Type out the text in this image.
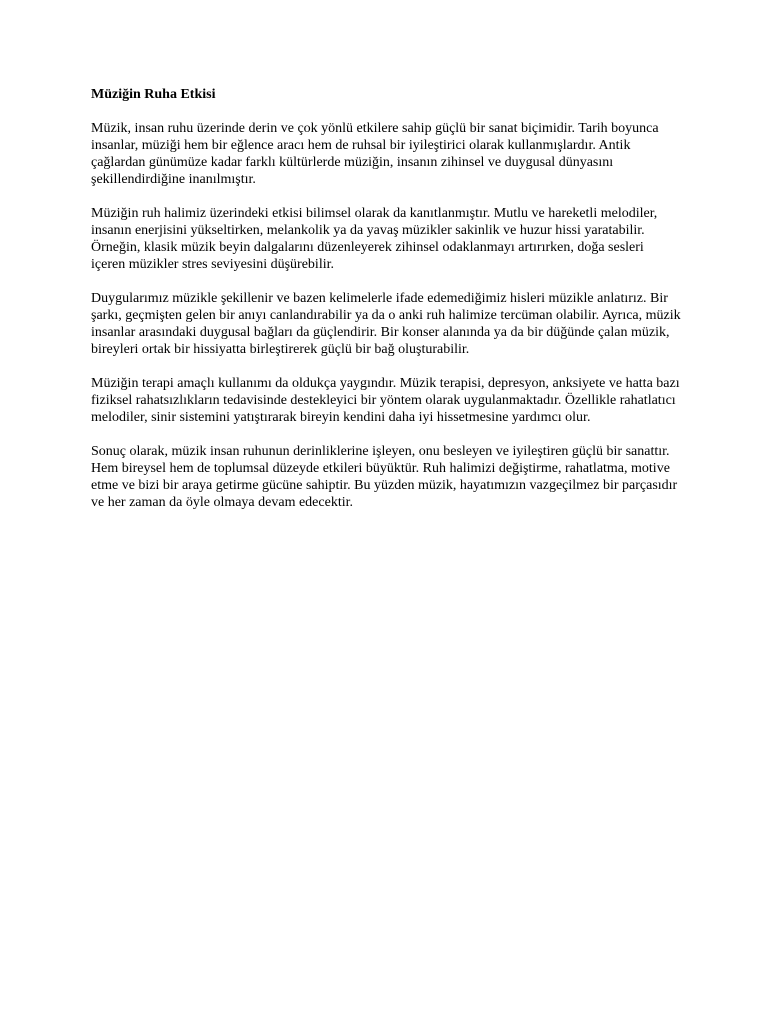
Müziğin Ruha Etkisi

Müzik, insan ruhu üzerinde derin ve çok yönlü etkilere sahip güçlü bir sanat biçimidir. Tarih boyunca insanlar, müziği hem bir eğlence aracı hem de ruhsal bir iyileştirici olarak kullanmışlardır. Antik çağlardan günümüze kadar farklı kültürlerde müziğin, insanın zihinsel ve duygusal dünyasını şekillendirdiğine inanılmıştır.

Müziğin ruh halimiz üzerindeki etkisi bilimsel olarak da kanıtlanmıştır. Mutlu ve hareketli melodiler, insanın enerjisini yükseltirken, melankolik ya da yavaş müzikler sakinlik ve huzur hissi yaratabilir. Örneğin, klasik müzik beyin dalgalarını düzenleyerek zihinsel odaklanmayı artırırken, doğa sesleri içeren müzikler stres seviyesini düşürebilir.

Duygularımız müzikle şekillenir ve bazen kelimelerle ifade edemediğimiz hisleri müzikle anlatırız. Bir şarkı, geçmişten gelen bir anıyı canlandırabilir ya da o anki ruh halimize tercüman olabilir. Ayrıca, müzik insanlar arasındaki duygusal bağları da güçlendirir. Bir konser alanında ya da bir düğünde çalan müzik, bireyleri ortak bir hissiyatta birleştirerek güçlü bir bağ oluşturabilir.

Müziğin terapi amaçlı kullanımı da oldukça yaygındır. Müzik terapisi, depresyon, anksiyete ve hatta bazı fiziksel rahatsızlıkların tedavisinde destekleyici bir yöntem olarak uygulanmaktadır. Özellikle rahatlatıcı melodiler, sinir sistemini yatıştırarak bireyin kendini daha iyi hissetmesine yardımcı olur.

Sonuç olarak, müzik insan ruhunun derinliklerine işleyen, onu besleyen ve iyileştiren güçlü bir sanattır. Hem bireysel hem de toplumsal düzeyde etkileri büyüktür. Ruh halimizi değiştirme, rahatlatma, motive etme ve bizi bir araya getirme gücüne sahiptir. Bu yüzden müzik, hayatımızın vazgeçilmez bir parçasıdır ve her zaman da öyle olmaya devam edecektir.
